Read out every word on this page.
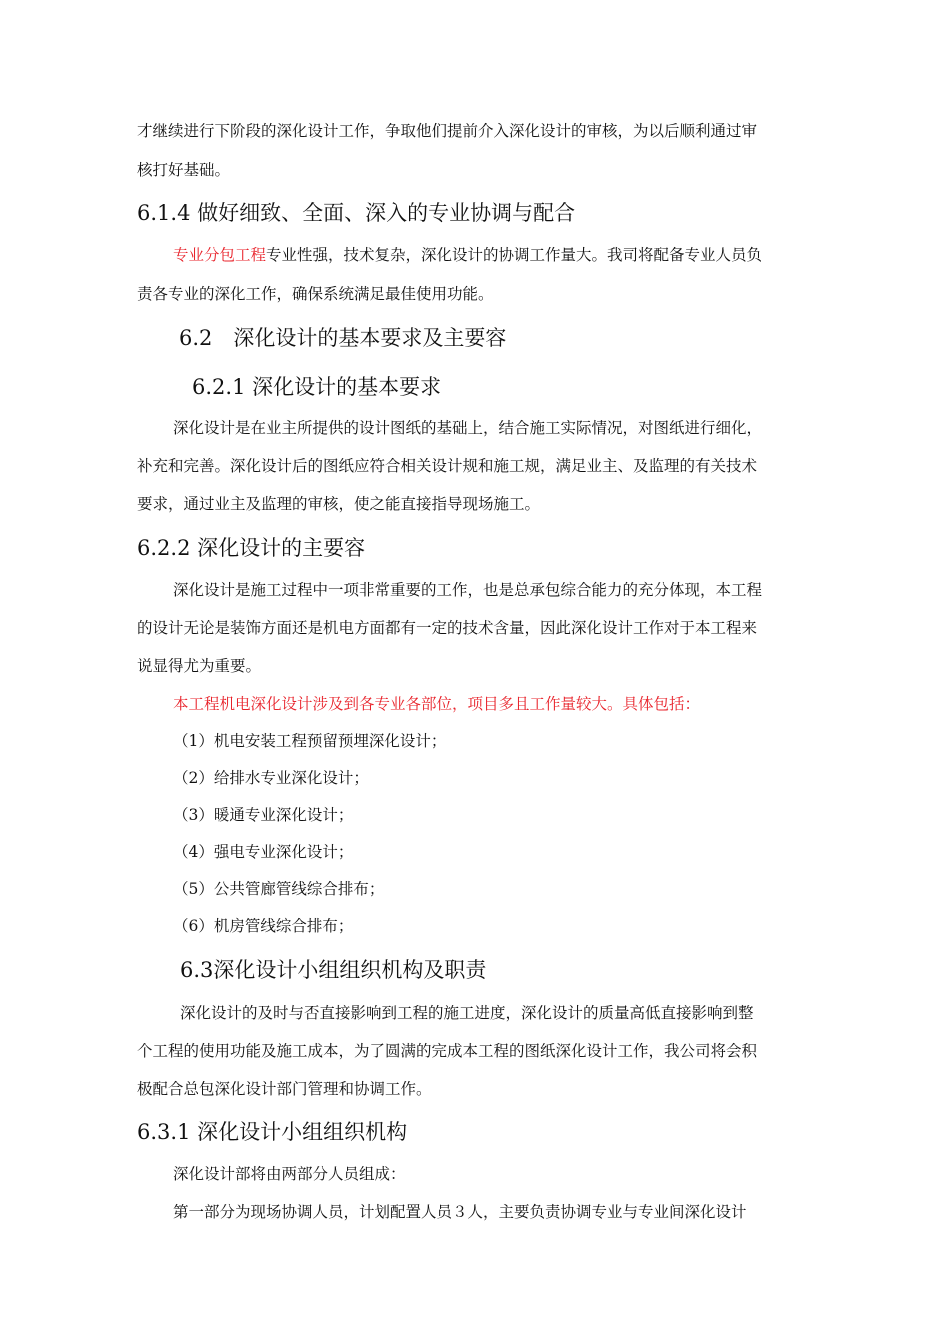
才继续进行下阶段的深化设计工作，争取他们提前介入深化设计的审核，为以后顺利通过审

核打好基础。

6.1.4 做好细致、全面、深入的专业协调与配合

专业分包工程专业性强，技术复杂，深化设计的协调工作量大。我司将配备专业人员负

责各专业的深化工作，确保系统满足最佳使用功能。

6.2　深化设计的基本要求及主要容
6.2.1 深化设计的基本要求

深化设计是在业主所提供的设计图纸的基础上，结合施工实际情况，对图纸进行细化，

补充和完善。深化设计后的图纸应符合相关设计规和施工规，满足业主、及监理的有关技术

要求，通过业主及监理的审核，使之能直接指导现场施工。

6.2.2 深化设计的主要容

深化设计是施工过程中一项非常重要的工作，也是总承包综合能力的充分体现，本工程

的设计无论是装饰方面还是机电方面都有一定的技术含量，因此深化设计工作对于本工程来

说显得尤为重要。

本工程机电深化设计涉及到各专业各部位，项目多且工作量较大。具体包括：

（1）机电安装工程预留预埋深化设计；

（2）给排水专业深化设计；

（3）暖通专业深化设计；

（4）强电专业深化设计；

（5）公共管廊管线综合排布；

（6）机房管线综合排布；

6.3深化设计小组组织机构及职责

深化设计的及时与否直接影响到工程的施工进度，深化设计的质量高低直接影响到整

个工程的使用功能及施工成本，为了圆满的完成本工程的图纸深化设计工作，我公司将会积

极配合总包深化设计部门管理和协调工作。

6.3.1 深化设计小组组织机构

深化设计部将由两部分人员组成：

第一部分为现场协调人员，计划配置人员３人，主要负责协调专业与专业间深化设计
